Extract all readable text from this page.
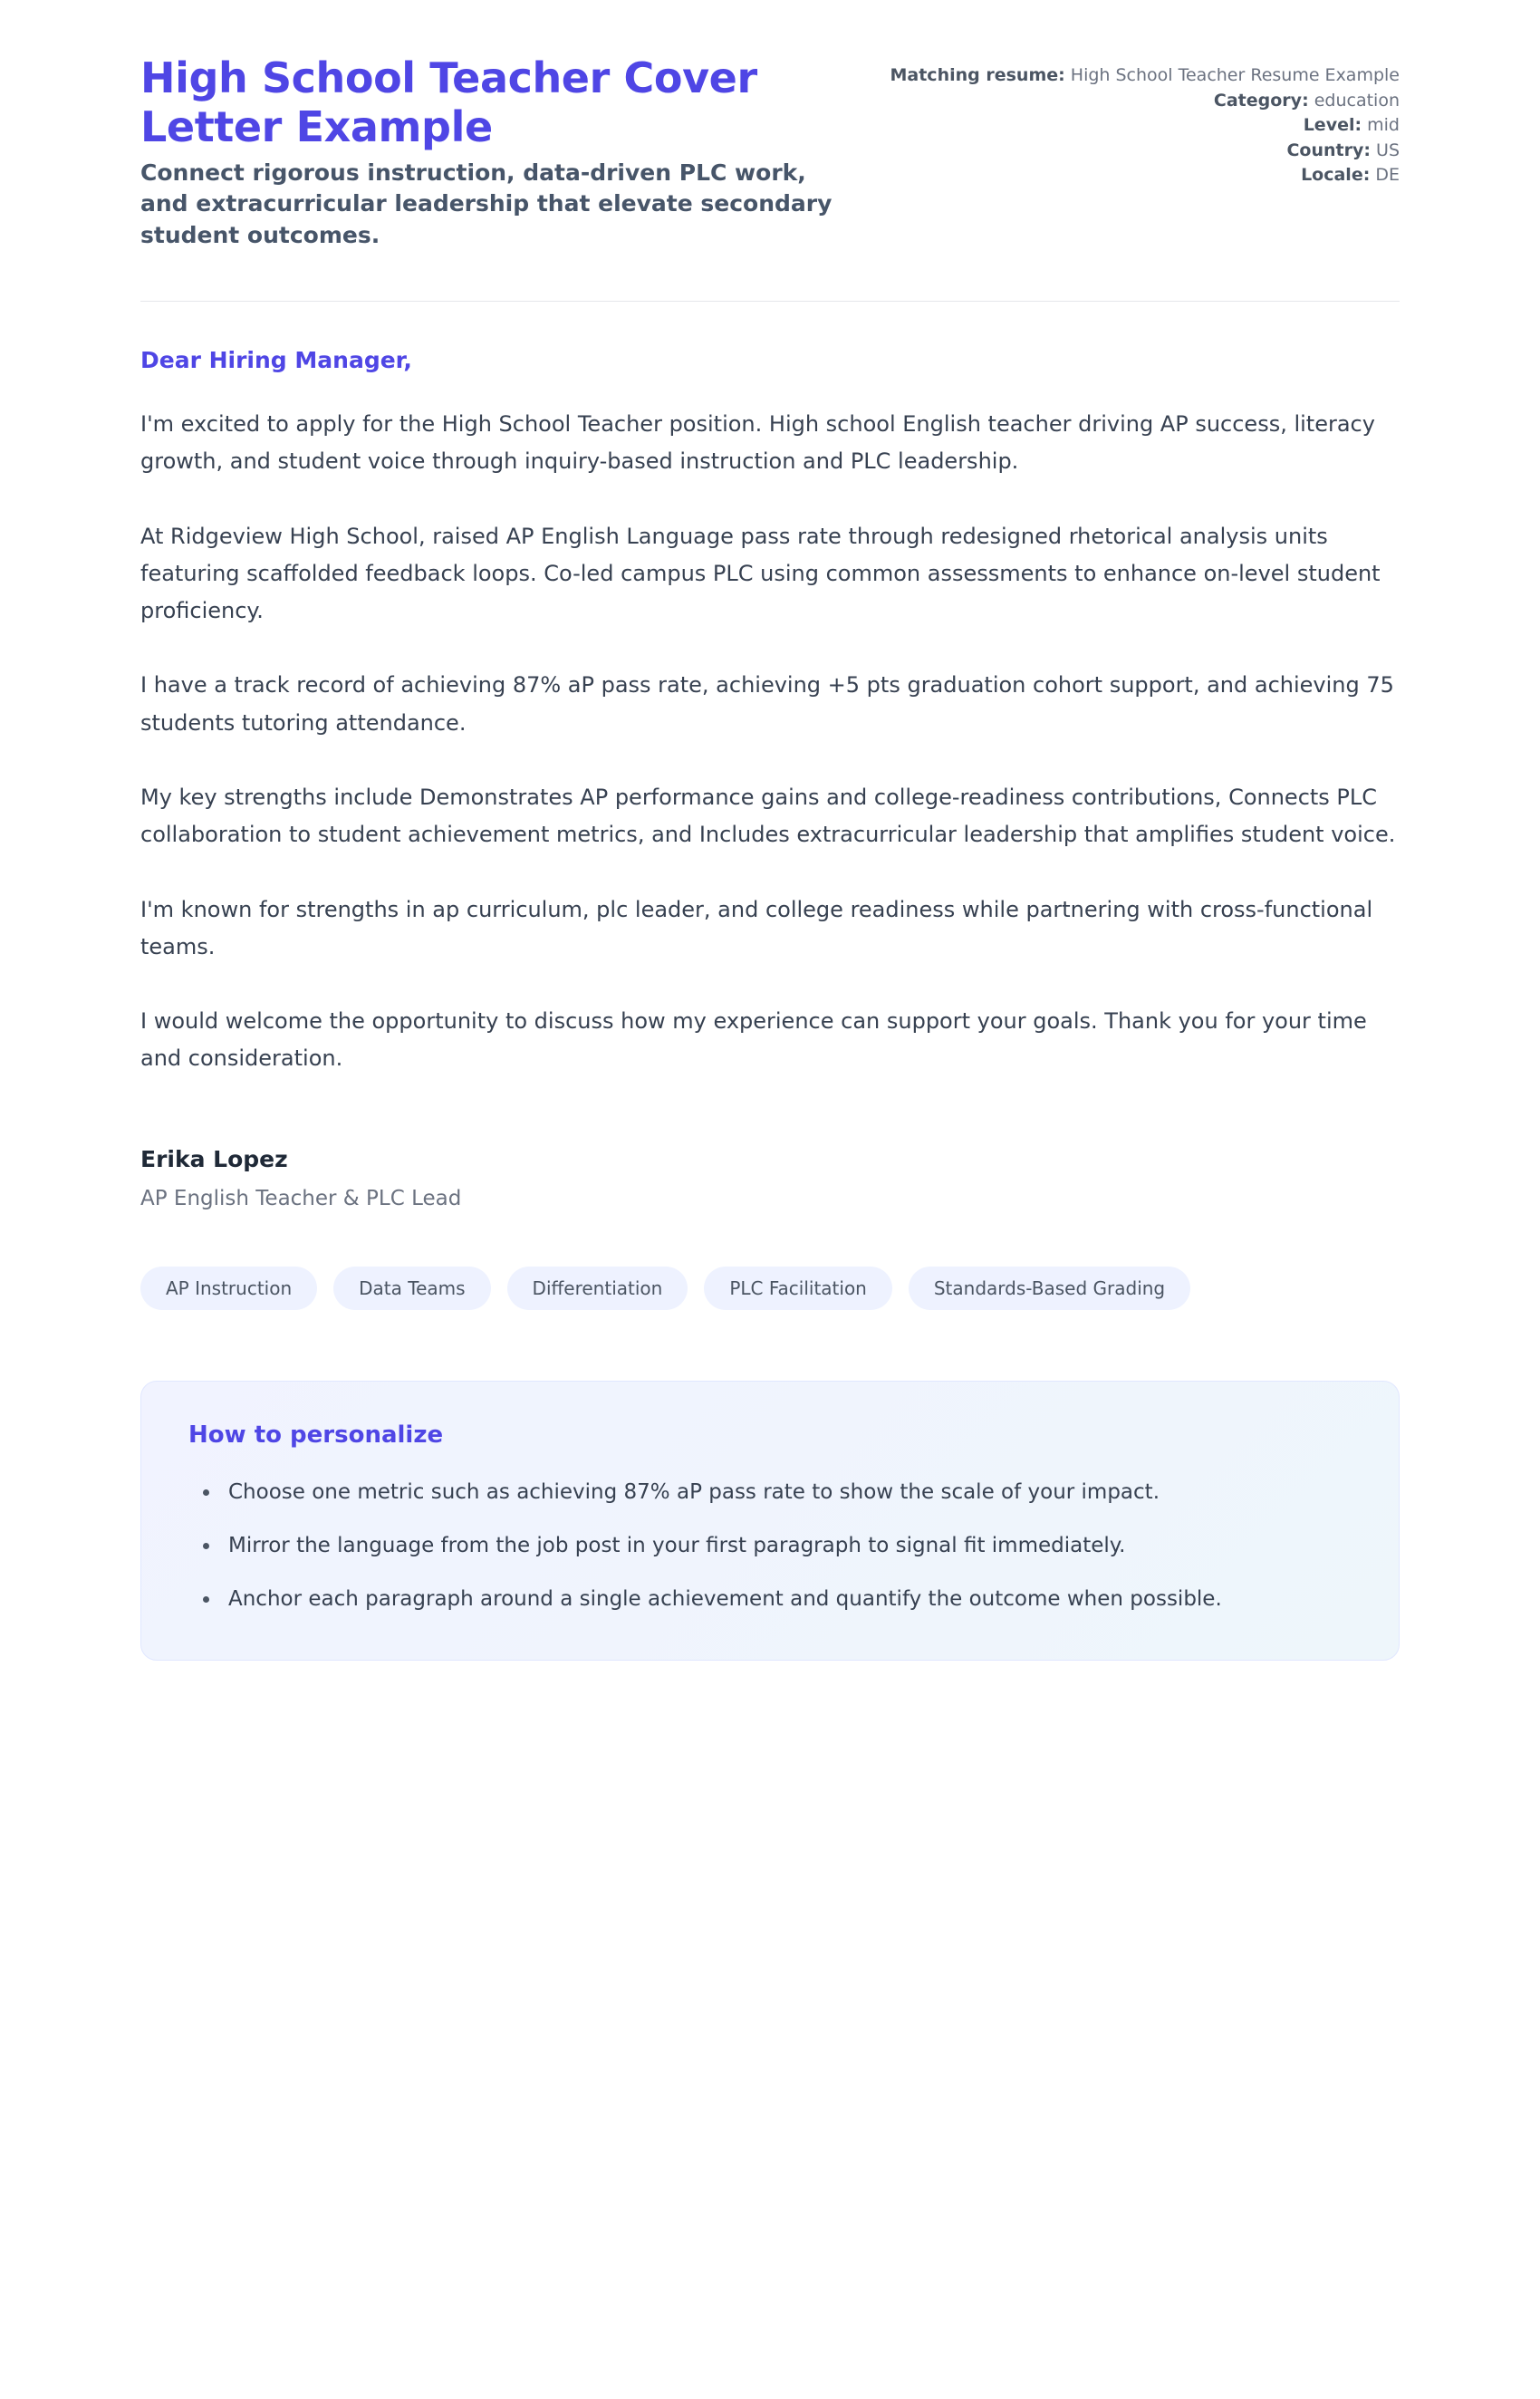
High School Teacher Cover Letter Example

Connect rigorous instruction, data-driven PLC work, and extracurricular leadership that elevate secondary student outcomes.

Matching resume: High School Teacher Resume Example
Category: education
Level: mid
Country: US
Locale: DE

Dear Hiring Manager,

I'm excited to apply for the High School Teacher position. High school English teacher driving AP success, literacy growth, and student voice through inquiry-based instruction and PLC leadership.

At Ridgeview High School, raised AP English Language pass rate through redesigned rhetorical analysis units featuring scaffolded feedback loops. Co-led campus PLC using common assessments to enhance on-level student proficiency.

I have a track record of achieving 87% aP pass rate, achieving +5 pts graduation cohort support, and achieving 75 students tutoring attendance.

My key strengths include Demonstrates AP performance gains and college-readiness contributions, Connects PLC collaboration to student achievement metrics, and Includes extracurricular leadership that amplifies student voice.

I'm known for strengths in ap curriculum, plc leader, and college readiness while partnering with cross-functional teams.

I would welcome the opportunity to discuss how my experience can support your goals. Thank you for your time and consideration.

Erika Lopez

AP English Teacher & PLC Lead

AP Instruction	Data Teams	Differentiation	PLC Facilitation	Standards-Based Grading
How to personalize
• Choose one metric such as achieving 87% aP pass rate to show the scale of your impact.
• Mirror the language from the job post in your first paragraph to signal fit immediately.
• Anchor each paragraph around a single achievement and quantify the outcome when possible.
